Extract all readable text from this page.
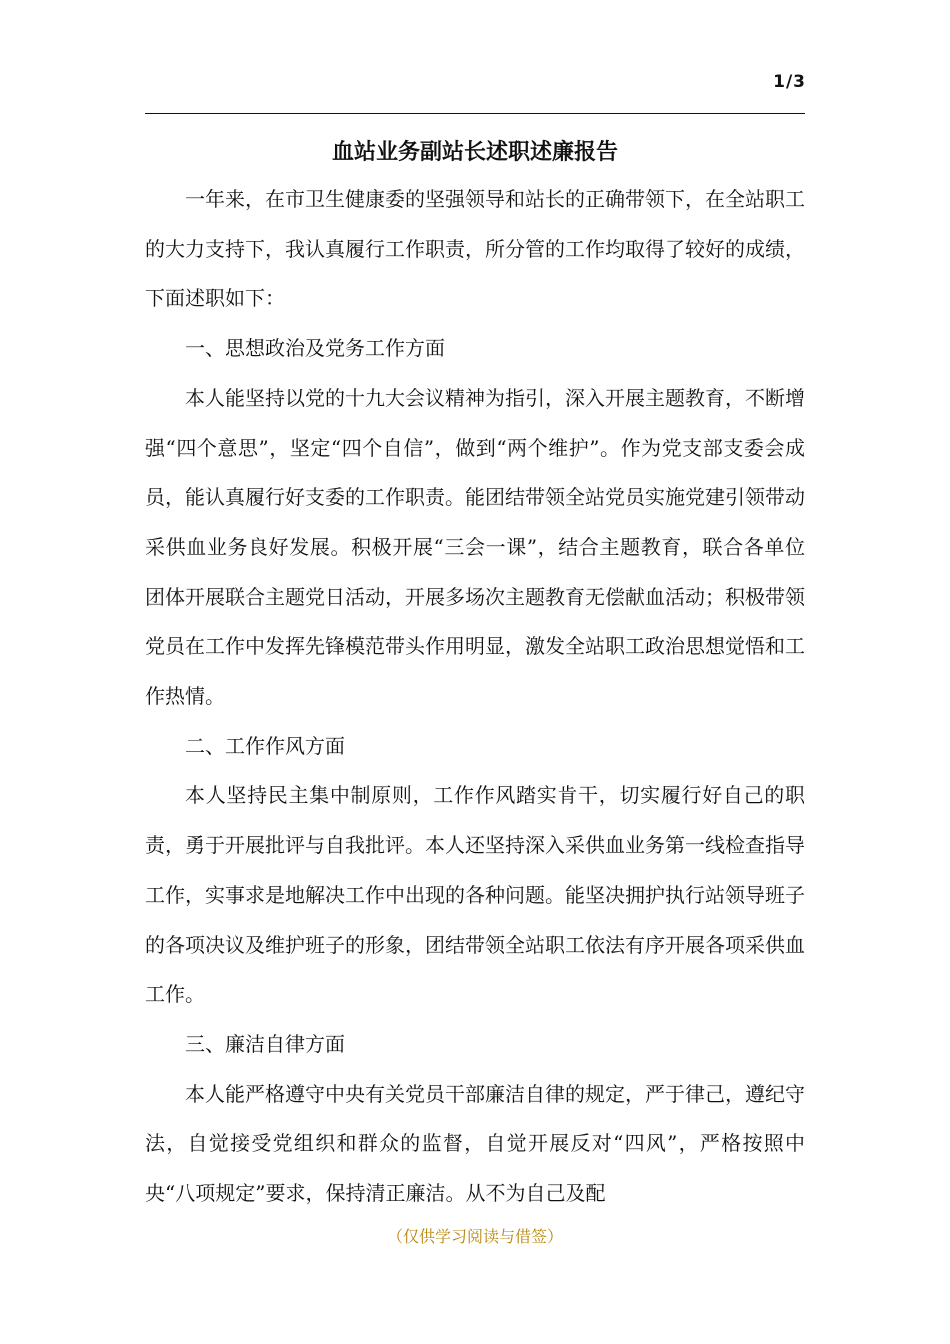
1/3
血站业务副站长述职述廉报告

一年来，在市卫生健康委的坚强领导和站长的正确带领下，在全站职工的大力支持下，我认真履行工作职责，所分管的工作均取得了较好的成绩，下面述职如下：

一、思想政治及党务工作方面

本人能坚持以党的十九大会议精神为指引，深入开展主题教育，不断增强“四个意思”，坚定“四个自信”，做到“两个维护”。作为党支部支委会成员，能认真履行好支委的工作职责。能团结带领全站党员实施党建引领带动采供血业务良好发展。积极开展“三会一课”，结合主题教育，联合各单位团体开展联合主题党日活动，开展多场次主题教育无偿献血活动；积极带领党员在工作中发挥先锋模范带头作用明显，激发全站职工政治思想觉悟和工作热情。

二、工作作风方面

本人坚持民主集中制原则，工作作风踏实肯干，切实履行好自己的职责，勇于开展批评与自我批评。本人还坚持深入采供血业务第一线检查指导工作，实事求是地解决工作中出现的各种问题。能坚决拥护执行站领导班子的各项决议及维护班子的形象，团结带领全站职工依法有序开展各项采供血工作。

三、廉洁自律方面

本人能严格遵守中央有关党员干部廉洁自律的规定，严于律己，遵纪守法，自觉接受党组织和群众的监督，自觉开展反对“四风”，严格按照中央“八项规定”要求，保持清正廉洁。从不为自己及配

（仅供学习阅读与借签）
